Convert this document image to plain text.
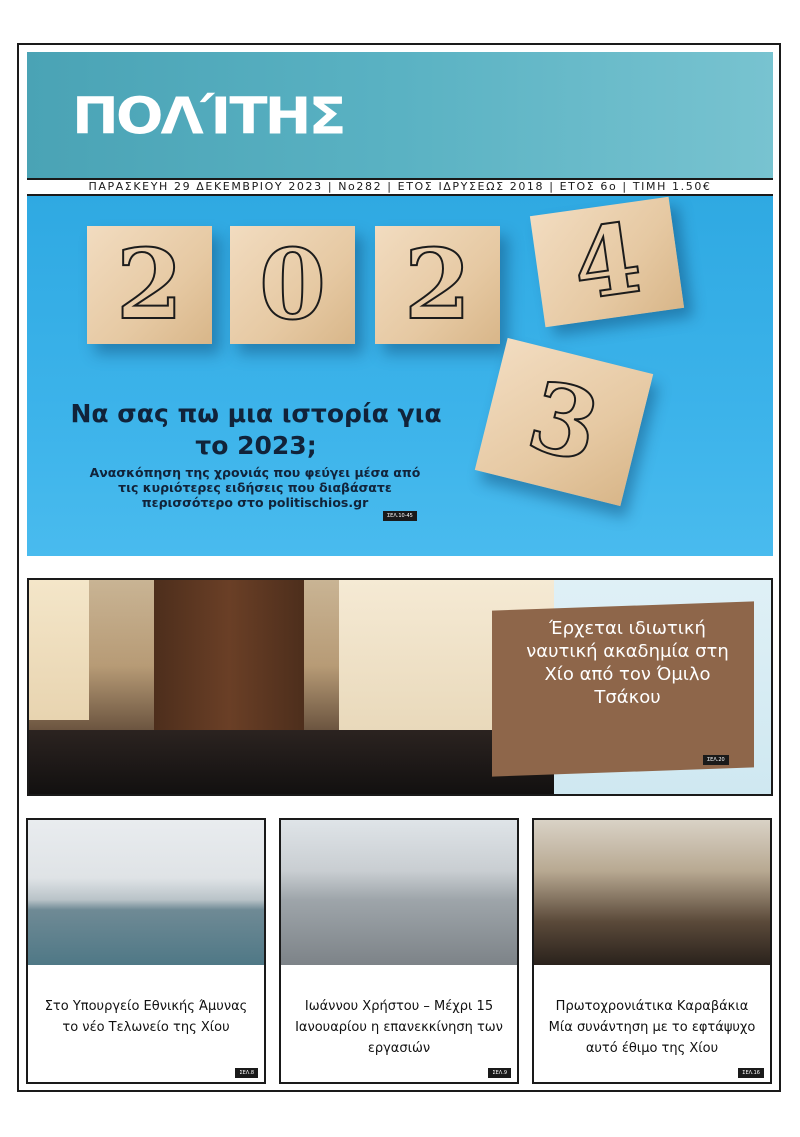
ΠΟΛΊΤΗΣ
ΠΑΡΑΣΚΕΥΗ 29 ΔΕΚΕΜΒΡΙΟΥ 2023 | Νο282 | ΕΤΟΣ ΙΔΡΥΣΕΩΣ 2018 | ΕΤΟΣ 6ο | ΤΙΜΗ 1.50€
2 0 2 4
3
Να σας πω μια ιστορία για το 2023;
Ανασκόπηση της χρονιάς που φεύγει μέσα από τις κυριότερες ειδήσεις που διαβάσατε περισσότερο στο politischios.gr
ΣΕΛ.10-45
Έρχεται ιδιωτική ναυτική ακαδημία στη Χίο από τον Όμιλο Τσάκου
ΣΕΛ.20
Στο Υπουργείο Εθνικής Άμυνας το νέο Τελωνείο της Χίου
ΣΕΛ.8
Ιωάννου Χρήστου – Μέχρι 15 Ιανουαρίου η επανεκκίνηση των εργασιών
ΣΕΛ.9
Πρωτοχρονιάτικα Καραβάκια Μία συνάντηση με το εφτάψυχο αυτό έθιμο της Χίου
ΣΕΛ.16
